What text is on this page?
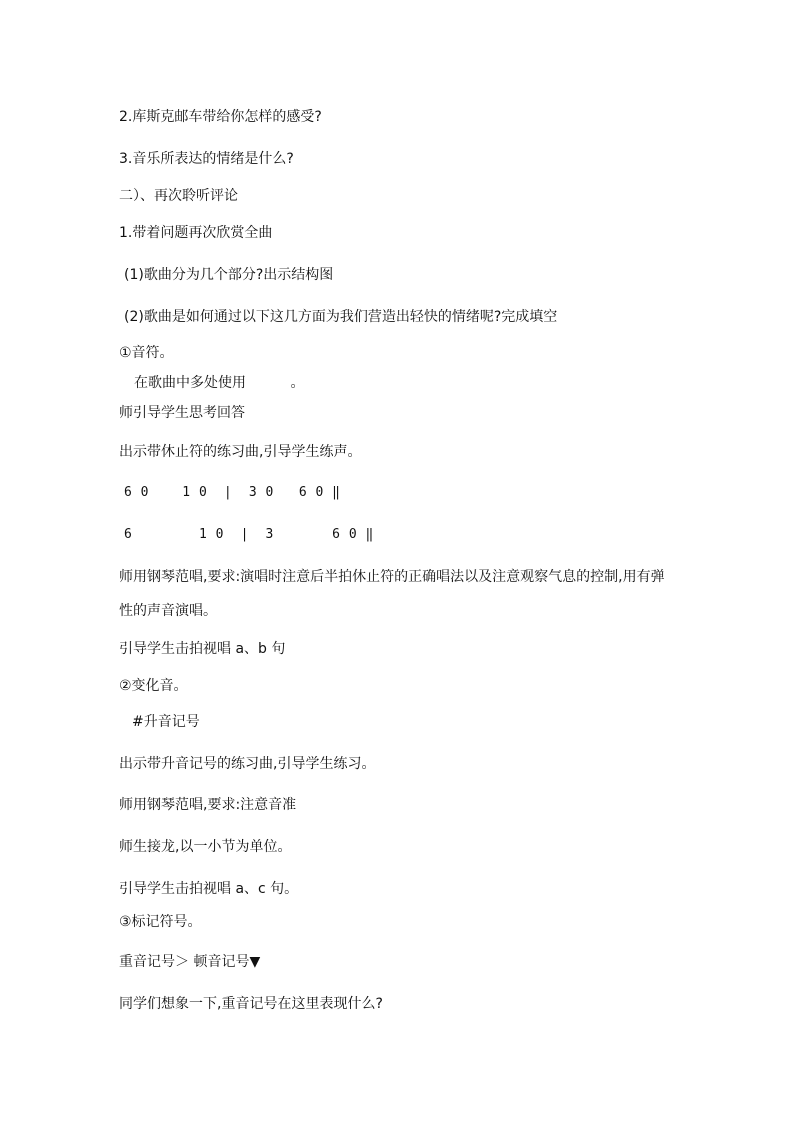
2.库斯克邮车带给你怎样的感受?
3.音乐所表达的情绪是什么?
二）、再次聆听评论
1.带着问题再次欣赏全曲
(1)歌曲分为几个部分?出示结构图
(2)歌曲是如何通过以下这几方面为我们营造出轻快的情绪呢?完成填空
①音符。
在歌曲中多处使用          。
师引导学生思考回答
出示带休止符的练习曲,引导学生练声。
6 0    1 0  |  3 0   6 0 ‖
6        1 0  |  3       6 0 ‖
师用钢琴范唱,要求:演唱时注意后半拍休止符的正确唱法以及注意观察气息的控制,用有弹
性的声音演唱。
引导学生击拍视唱 a、b 句
②变化音。
#升音记号
出示带升音记号的练习曲,引导学生练习。
师用钢琴范唱,要求:注意音准
师生接龙,以一小节为单位。
引导学生击拍视唱 a、c 句。
③标记符号。
重音记号＞ 顿音记号▼
同学们想象一下,重音记号在这里表现什么?
